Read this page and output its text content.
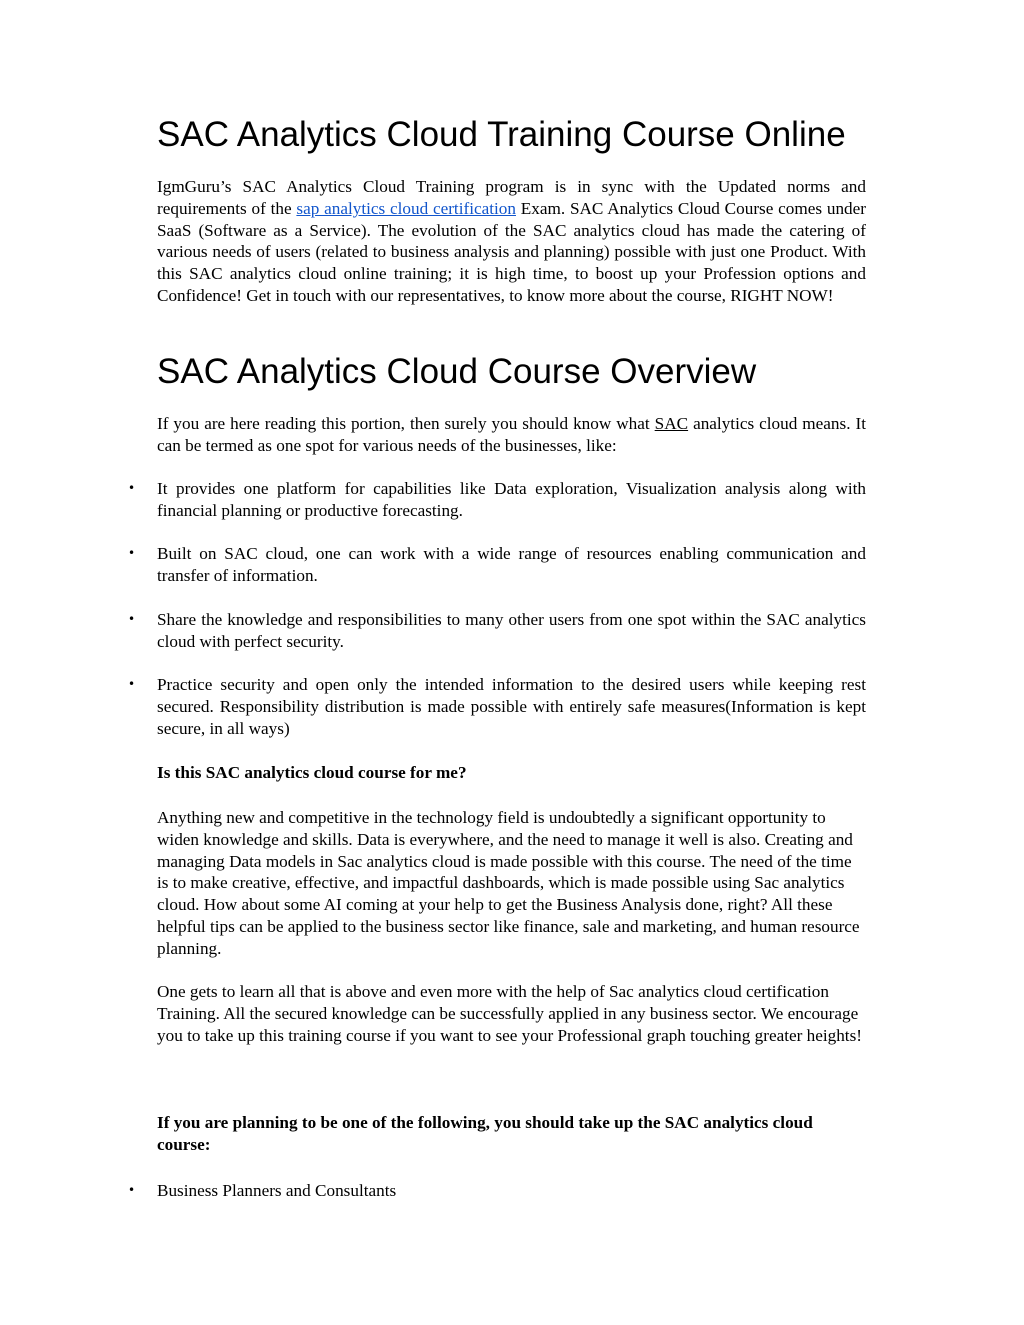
SAC Analytics Cloud Training Course Online

IgmGuru’s SAC Analytics Cloud Training program is in sync with the Updated norms and requirements of the sap analytics cloud certification Exam. SAC Analytics Cloud Course comes under SaaS (Software as a Service). The evolution of the SAC analytics cloud has made the catering of various needs of users (related to business analysis and planning) possible with just one Product. With this SAC analytics cloud online training; it is high time, to boost up your Profession options and Confidence! Get in touch with our representatives, to know more about the course, RIGHT NOW!

SAC Analytics Cloud Course Overview

If you are here reading this portion, then surely you should know what SAC analytics cloud means. It can be termed as one spot for various needs of the businesses, like:

• It provides one platform for capabilities like Data exploration, Visualization analysis along with financial planning or productive forecasting.

• Built on SAC cloud, one can work with a wide range of resources enabling communication and transfer of information.

• Share the knowledge and responsibilities to many other users from one spot within the SAC analytics cloud with perfect security.

• Practice security and open only the intended information to the desired users while keeping rest secured. Responsibility distribution is made possible with entirely safe measures(Information is kept secure, in all ways)

Is this SAC analytics cloud course for me?

Anything new and competitive in the technology field is undoubtedly a significant opportunity to widen knowledge and skills. Data is everywhere, and the need to manage it well is also. Creating and managing Data models in Sac analytics cloud is made possible with this course. The need of the time is to make creative, effective, and impactful dashboards, which is made possible using Sac analytics cloud. How about some AI coming at your help to get the Business Analysis done, right? All these helpful tips can be applied to the business sector like finance, sale and marketing, and human resource planning.

One gets to learn all that is above and even more with the help of Sac analytics cloud certification Training. All the secured knowledge can be successfully applied in any business sector. We encourage you to take up this training course if you want to see your Professional graph touching greater heights!

If you are planning to be one of the following, you should take up the SAC analytics cloud course:

• Business Planners and Consultants
